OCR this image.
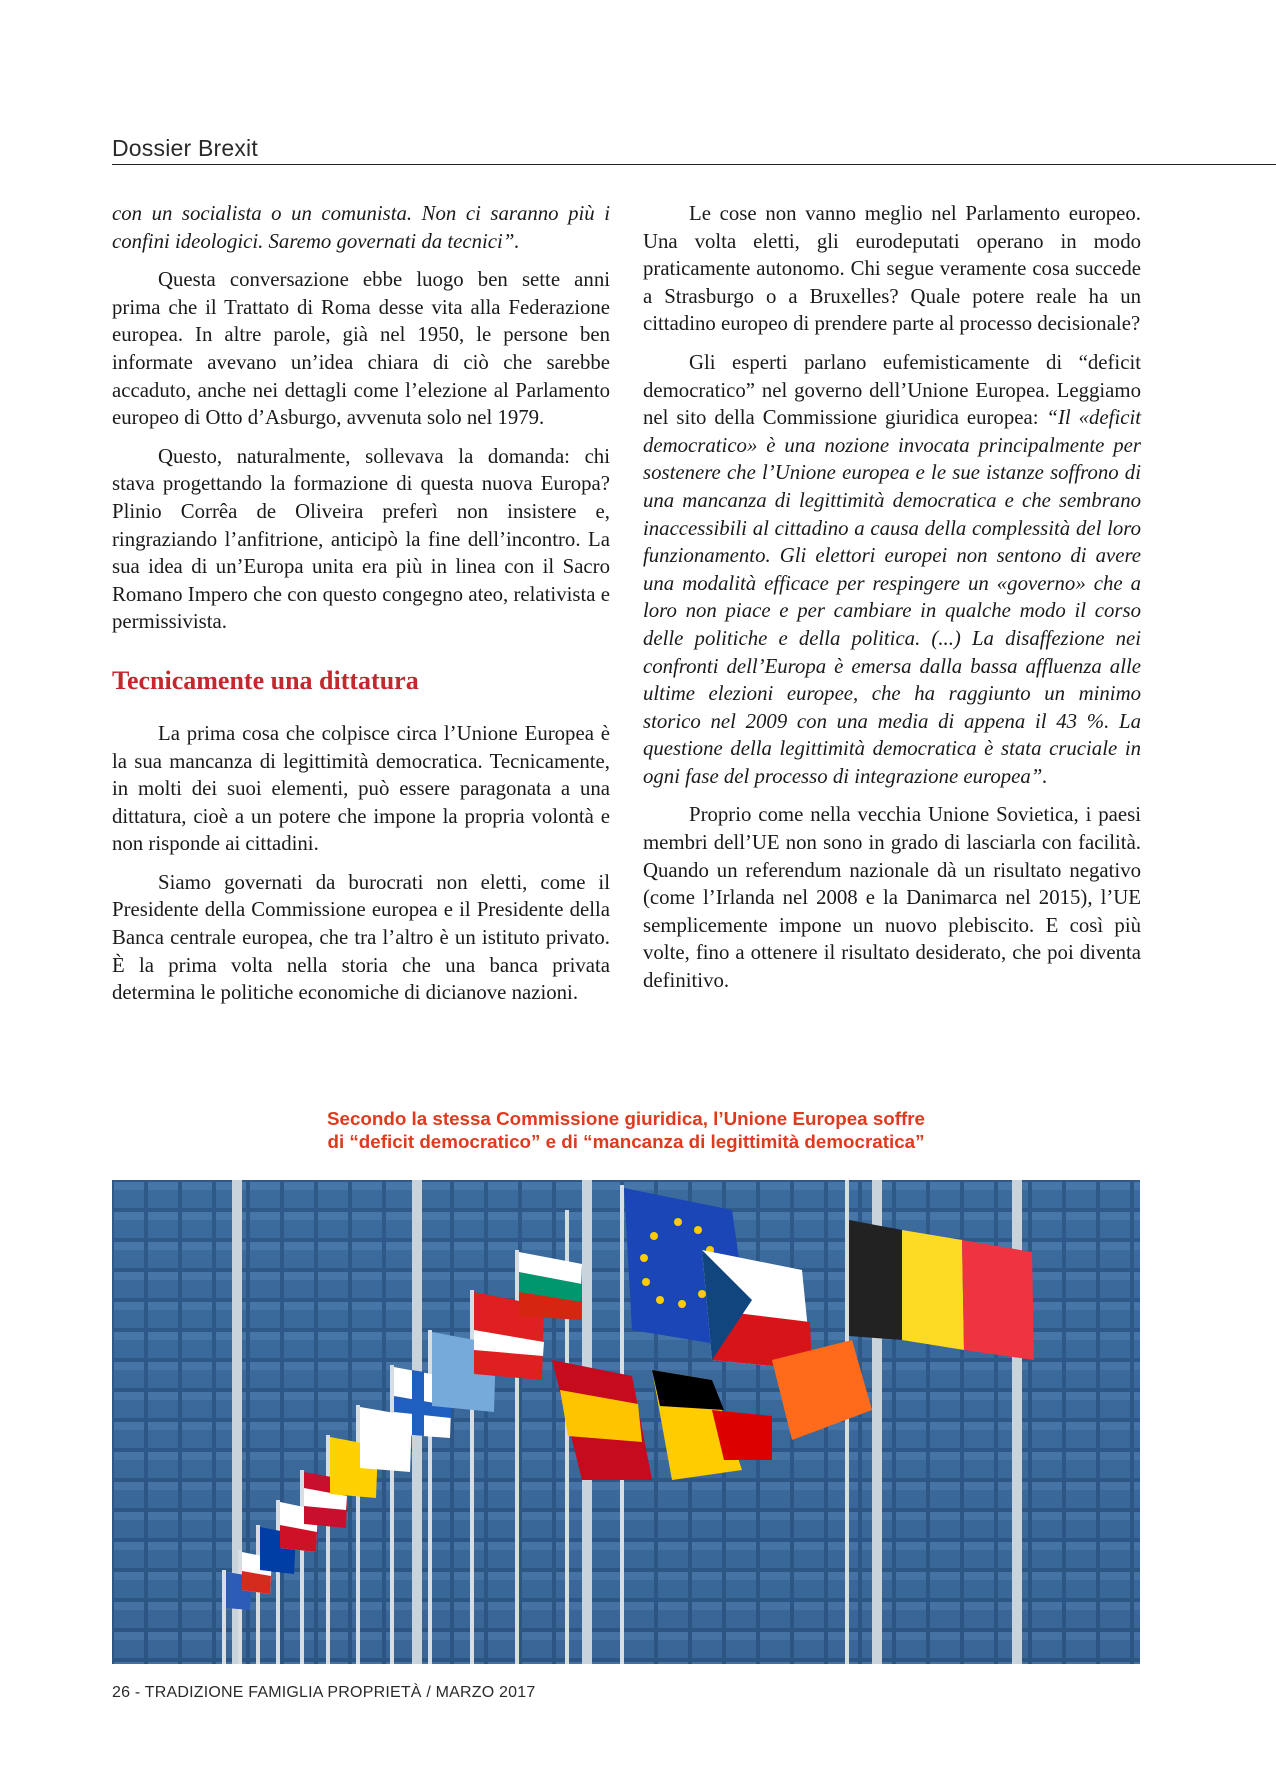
Dossier Brexit

con un socialista o un comunista. Non ci saranno più i confini ideologici. Saremo governati da tecnici”.

Questa conversazione ebbe luogo ben sette anni prima che il Trattato di Roma desse vita alla Federazione europea. In altre parole, già nel 1950, le persone ben informate avevano un’idea chiara di ciò che sarebbe accaduto, anche nei dettagli come l’elezione al Parlamento europeo di Otto d’Asburgo, avvenuta solo nel 1979.

Questo, naturalmente, sollevava la domanda: chi stava progettando la formazione di questa nuova Europa? Plinio Corrêa de Oliveira preferì non insistere e, ringraziando l’anfitrione, anticipò la fine dell’incontro. La sua idea di un’Europa unita era più in linea con il Sacro Romano Impero che con questo congegno ateo, relativista e permissivista.

Tecnicamente una dittatura

La prima cosa che colpisce circa l’Unione Europea è la sua mancanza di legittimità democratica. Tecnicamente, in molti dei suoi elementi, può essere paragonata a una dittatura, cioè a un potere che impone la propria volontà e non risponde ai cittadini.

Siamo governati da burocrati non eletti, come il Presidente della Commissione europea e il Presidente della Banca centrale europea, che tra l’altro è un istituto privato. È la prima volta nella storia che una banca privata determina le politiche economiche di dicianove nazioni.

Le cose non vanno meglio nel Parlamento europeo. Una volta eletti, gli eurodeputati operano in modo praticamente autonomo. Chi segue veramente cosa succede a Strasburgo o a Bruxelles? Quale potere reale ha un cittadino europeo di prendere parte al processo decisionale?

Gli esperti parlano eufemisticamente di “deficit democratico” nel governo dell’Unione Europea. Leggiamo nel sito della Commissione giuridica europea: “Il «deficit democratico» è una nozione invocata principalmente per sostenere che l’Unione europea e le sue istanze soffrono di una mancanza di legittimità democratica e che sembrano inaccessibili al cittadino a causa della complessità del loro funzionamento. Gli elettori europei non sentono di avere una modalità efficace per respingere un «governo» che a loro non piace e per cambiare in qualche modo il corso delle politiche e della politica. (...) La disaffezione nei confronti dell’Europa è emersa dalla bassa affluenza alle ultime elezioni europee, che ha raggiunto un minimo storico nel 2009 con una media di appena il 43 %. La questione della legittimità democratica è stata cruciale in ogni fase del processo di integrazione europea”.

Proprio come nella vecchia Unione Sovietica, i paesi membri dell’UE non sono in grado di lasciarla con facilità. Quando un referendum nazionale dà un risultato negativo (come l’Irlanda nel 2008 e la Danimarca nel 2015), l’UE semplicemente impone un nuovo plebiscito. E così più volte, fino a ottenere il risultato desiderato, che poi diventa definitivo.

Secondo la stessa Commissione giuridica, l’Unione Europea soffre
di “deficit democratico” e di “mancanza di legittimità democratica”
26 - TRADIZIONE FAMIGLIA PROPRIETÀ / MARZO 2017
